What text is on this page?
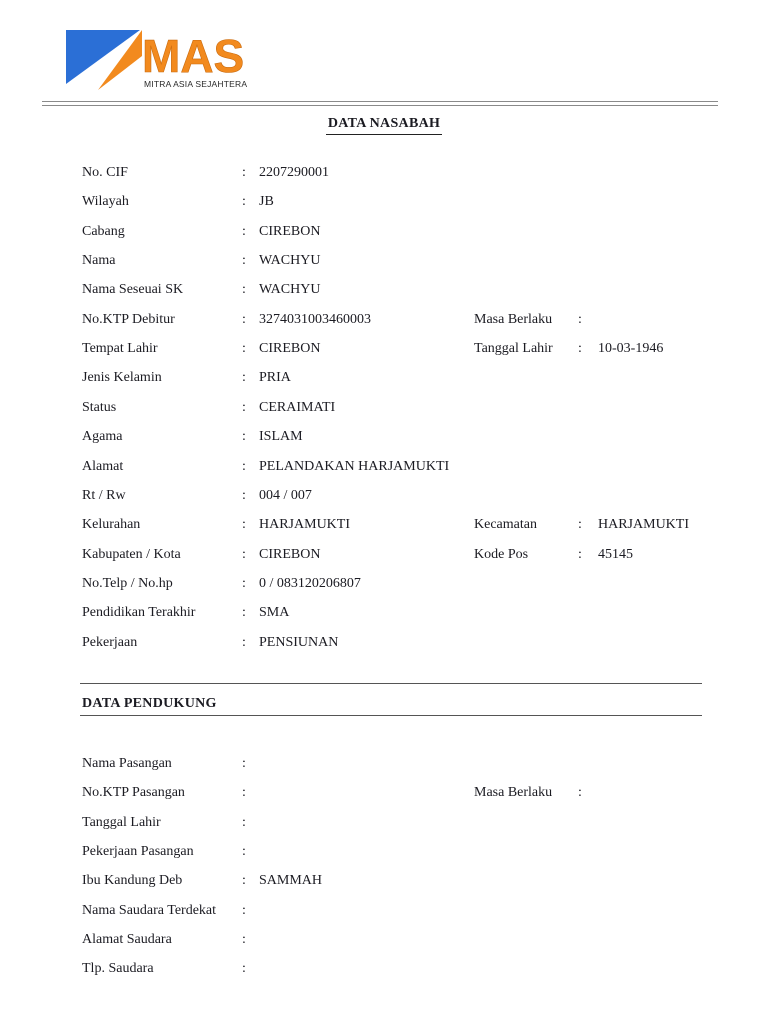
MAS
MITRA ASIA SEJAHTERA
DATA NASABAH
No. CIF	: 2207290001
Wilayah	: JB
Cabang	: CIREBON
Nama	: WACHYU
Nama Seseuai SK	: WACHYU
No.KTP Debitur	: 3274031003460003	Masa Berlaku :
Tempat Lahir	: CIREBON	Tanggal Lahir : 10-03-1946
Jenis Kelamin	: PRIA
Status	: CERAIMATI
Agama	: ISLAM
Alamat	: PELANDAKAN HARJAMUKTI
Rt / Rw	: 004 / 007
Kelurahan	: HARJAMUKTI	Kecamatan	: HARJAMUKTI
Kabupaten / Kota	: CIREBON	Kode Pos	: 45145
No.Telp / No.hp	: 0 / 083120206807
Pendidikan Terakhir	: SMA
Pekerjaan	: PENSIUNAN
DATA PENDUKUNG
Nama Pasangan	:
No.KTP Pasangan	:	Masa Berlaku :
Tanggal Lahir	:
Pekerjaan Pasangan	:
Ibu Kandung Deb	: SAMMAH
Nama Saudara Terdekat :
Alamat Saudara	:
Tlp. Saudara	:
